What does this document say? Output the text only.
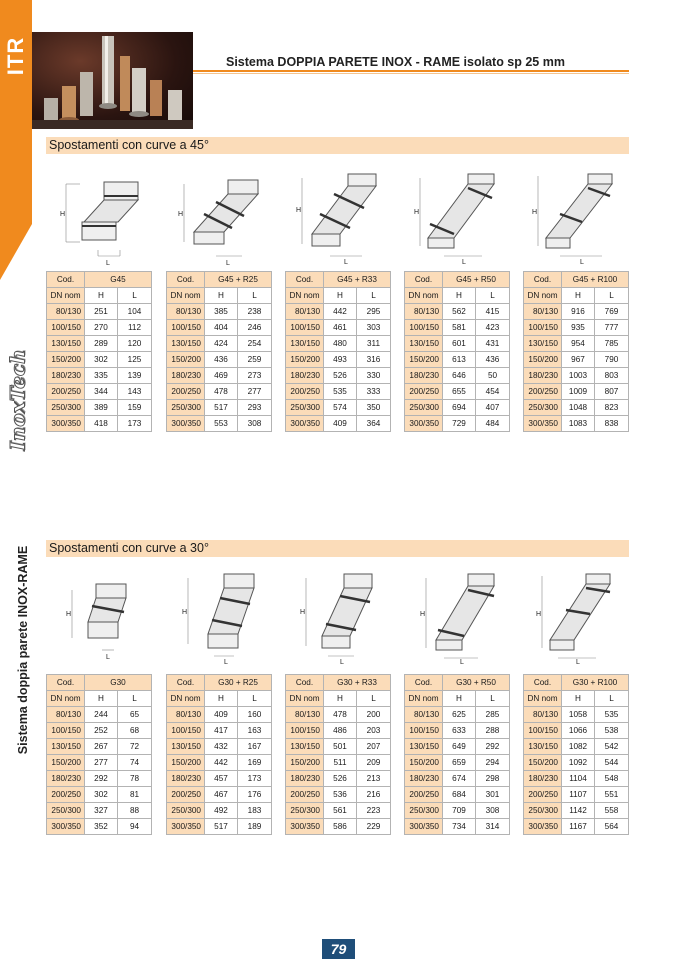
ITR
InoxTech
Sistema doppia parete INOX-RAME
Sistema DOPPIA PARETE INOX - RAME isolato sp 25 mm
Spostamenti con curve a 45°
H
L
H
L
H
L
H
L
H
L
Cod.	G45	
DN nom	H	L
80/130	251	104
100/150	270	112
130/150	289	120
150/200	302	125
180/230	335	139
200/250	344	143
250/300	389	159
300/350	418	173
Cod.	G45 + R25	
DN nom	H	L
80/130	385	238
100/150	404	246
130/150	424	254
150/200	436	259
180/230	469	273
200/250	478	277
250/300	517	293
300/350	553	308
Cod.	G45 + R33	
DN nom	H	L
80/130	442	295
100/150	461	303
130/150	480	311
150/200	493	316
180/230	526	330
200/250	535	333
250/300	574	350
300/350	409	364
Cod.	G45 + R50	
DN nom	H	L
80/130	562	415
100/150	581	423
130/150	601	431
150/200	613	436
180/230	646	50
200/250	655	454
250/300	694	407
300/350	729	484
Cod.	G45 + R100	
DN nom	H	L
80/130	916	769
100/150	935	777
130/150	954	785
150/200	967	790
180/230	1003	803
200/250	1009	807
250/300	1048	823
300/350	1083	838
Spostamenti con curve a 30°
H
L
H
L
H
L
H
L
H
L
Cod.	G30	
DN nom	H	L
80/130	244	65
100/150	252	68
130/150	267	72
150/200	277	74
180/230	292	78
200/250	302	81
250/300	327	88
300/350	352	94
Cod.	G30 + R25	
DN nom	H	L
80/130	409	160
100/150	417	163
130/150	432	167
150/200	442	169
180/230	457	173
200/250	467	176
250/300	492	183
300/350	517	189
Cod.	G30 + R33	
DN nom	H	L
80/130	478	200
100/150	486	203
130/150	501	207
150/200	511	209
180/230	526	213
200/250	536	216
250/300	561	223
300/350	586	229
Cod.	G30 + R50	
DN nom	H	L
80/130	625	285
100/150	633	288
130/150	649	292
150/200	659	294
180/230	674	298
200/250	684	301
250/300	709	308
300/350	734	314
Cod.	G30 + R100	
DN nom	H	L
80/130	1058	535
100/150	1066	538
130/150	1082	542
150/200	1092	544
180/230	1104	548
200/250	1107	551
250/300	1142	558
300/350	1167	564
79
